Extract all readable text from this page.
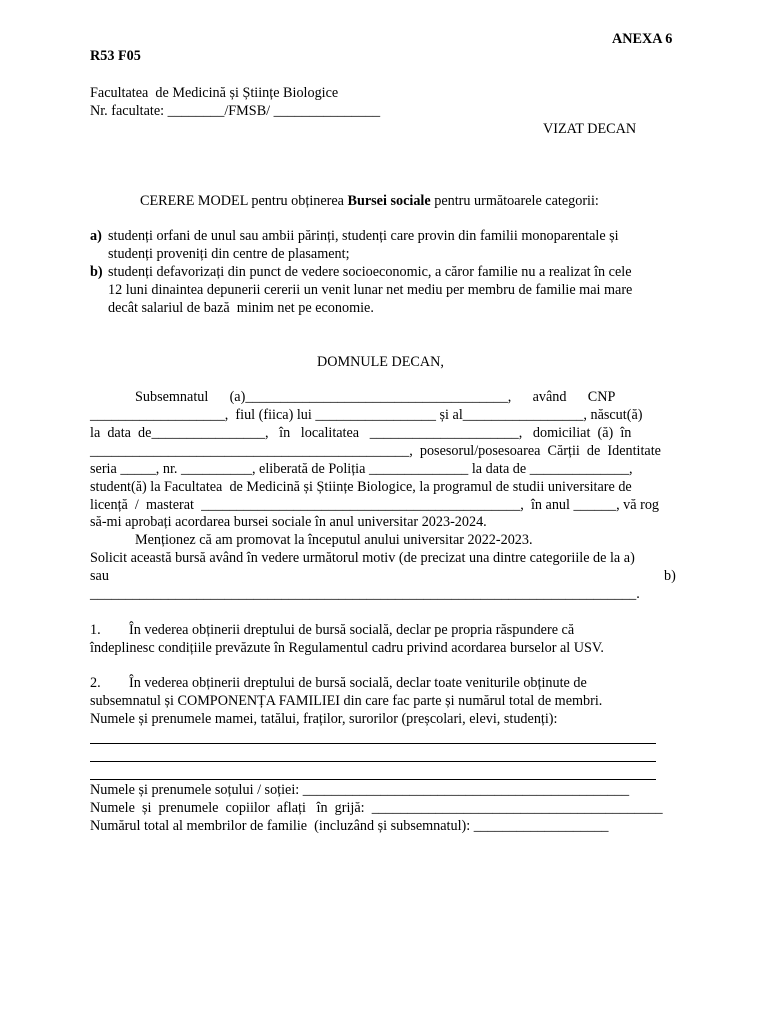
ANEXA 6
R53 F05
Facultatea  de Medicină și Științe Biologice
Nr. facultate: ________/FMSB/ _______________
VIZAT DECAN
CERERE MODEL pentru obținerea Bursei sociale pentru următoarele categorii:
a) studenți orfani de unul sau ambii părinți, studenți care provin din familii monoparentale și
studenți proveniți din centre de plasament;
b) studenți defavorizați din punct de vedere socioeconomic, a căror familie nu a realizat în cele
12 luni dinaintea depunerii cererii un venit lunar net mediu per membru de familie mai mare
decât salariul de bază  minim net pe economie.
DOMNULE DECAN,
Subsemnatul      (a)_____________________________________,      având      CNP
___________________,  fiul (fiica) lui _________________ și al_________________, născut(ă)
la  data  de________________,   în   localitatea   _____________________,   domiciliat  (ă)  în
_____________________________________________,  posesorul/posesoarea  Cărții  de  Identitate
seria _____, nr. __________, eliberată de Poliția ______________ la data de ______________,
student(ă) la Facultatea  de Medicină și Științe Biologice, la programul de studii universitare de
licență  /  masterat  _____________________________________________,  în anul ______, vă rog
să-mi aprobați acordarea bursei sociale în anul universitar 2023-2024.
Menționez că am promovat la începutul anului universitar 2022-2023.
Solicit această bursă având în vedere următorul motiv (de precizat una dintre categoriile de la a)
sau	b)
_____________________________________________________________________________.
1.        În vederea obținerii dreptului de bursă socială, declar pe propria răspundere că
îndeplinesc condițiile prevăzute în Regulamentul cadru privind acordarea burselor al USV.
2.        În vederea obținerii dreptului de bursă socială, declar toate veniturile obținute de
subsemnatul și COMPONENȚA FAMILIEI din care fac parte și numărul total de membri.
Numele și prenumele mamei, tatălui, fraților, surorilor (preșcolari, elevi, studenți):
Numele și prenumele soțului / soției: ______________________________________________
Numele  și  prenumele  copiilor  aflați   în  grijă:  _________________________________________
Numărul total al membrilor de familie  (incluzând și subsemnatul): ___________________
